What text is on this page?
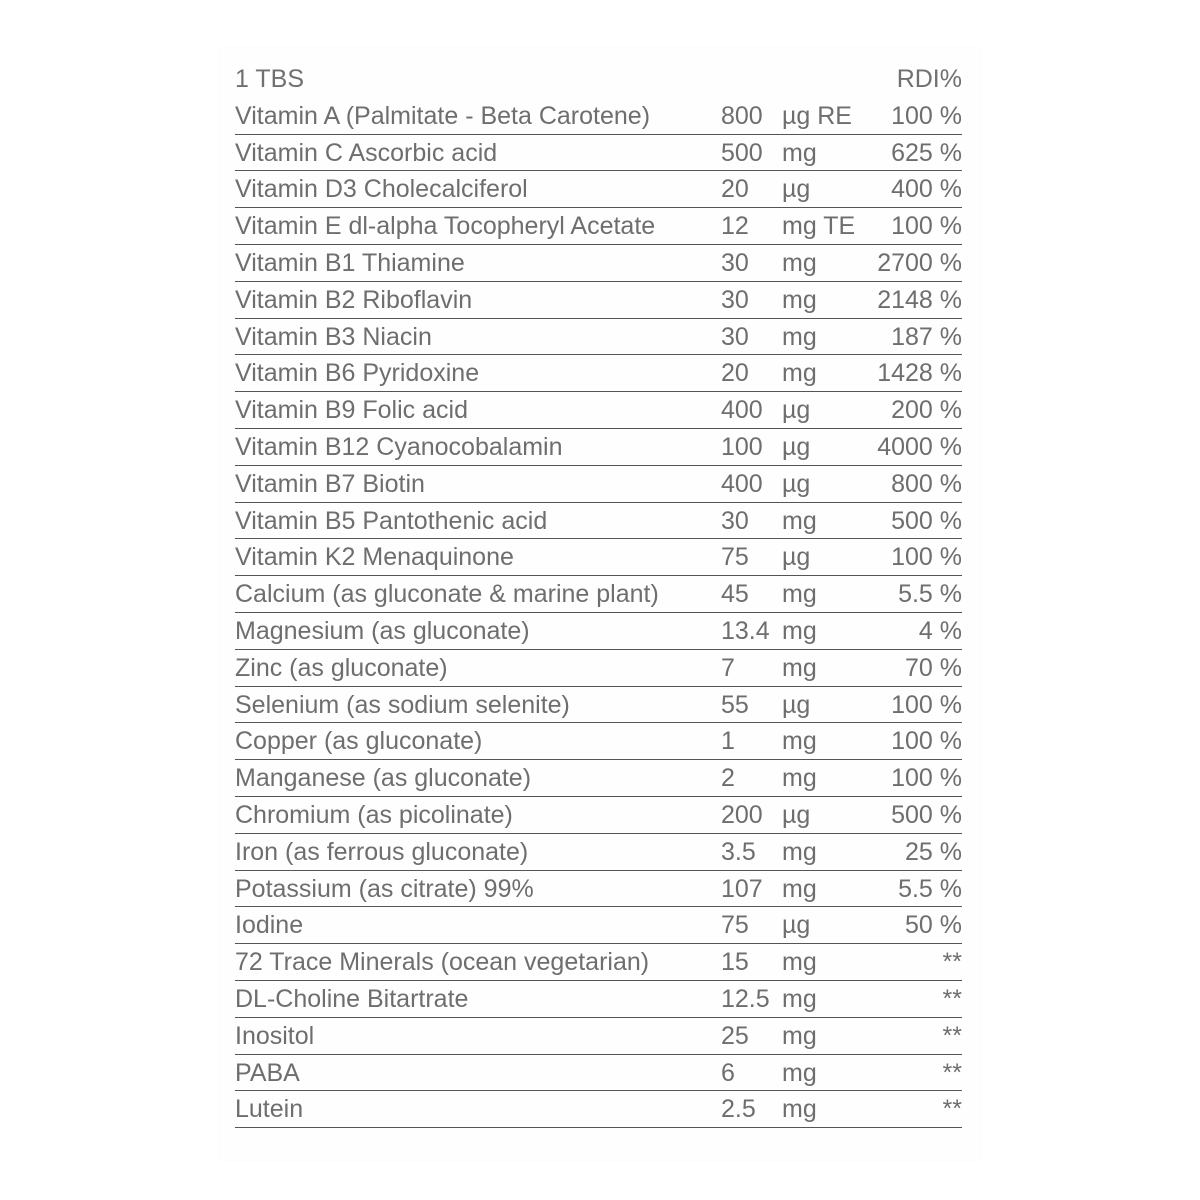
1 TBS	RDI%
Vitamin A (Palmitate - Beta Carotene)	800 µg RE 100 %
Vitamin C Ascorbic acid	500 mg	625 %
Vitamin D3 Cholecalciferol	20 µg	400 %
Vitamin E dl-alpha Tocopheryl Acetate	12 mg TE 100 %
Vitamin B1 Thiamine	30 mg 2700 %
Vitamin B2 Riboflavin	30 mg 2148 %
Vitamin B3 Niacin	30 mg	187 %
Vitamin B6 Pyridoxine	20 mg 1428 %
Vitamin B9 Folic acid	400 µg	200 %
Vitamin B12 Cyanocobalamin	100 µg	4000 %
Vitamin B7 Biotin	400 µg	800 %
Vitamin B5 Pantothenic acid	30 mg	500 %
Vitamin K2 Menaquinone	75 µg	100 %
Calcium (as gluconate & marine plant) 45 mg	5.5 %
Magnesium (as gluconate)	13.4 mg	4 %
Zinc (as gluconate)	7 mg	70 %
Selenium (as sodium selenite)	55 µg	100 %
Copper (as gluconate)	1 mg	100 %
Manganese (as gluconate)	2 mg	100 %
Chromium (as picolinate)	200 µg	500 %
Iron (as ferrous gluconate)	3.5 mg	25 %
Potassium (as citrate) 99%	107 mg	5.5 %
Iodine	75 µg	50 %
72 Trace Minerals (ocean vegetarian)	15 mg	**
DL-Choline Bitartrate	12.5 mg	**
Inositol	25 mg	**
PABA	6 mg	**
Lutein	2.5 mg	**
